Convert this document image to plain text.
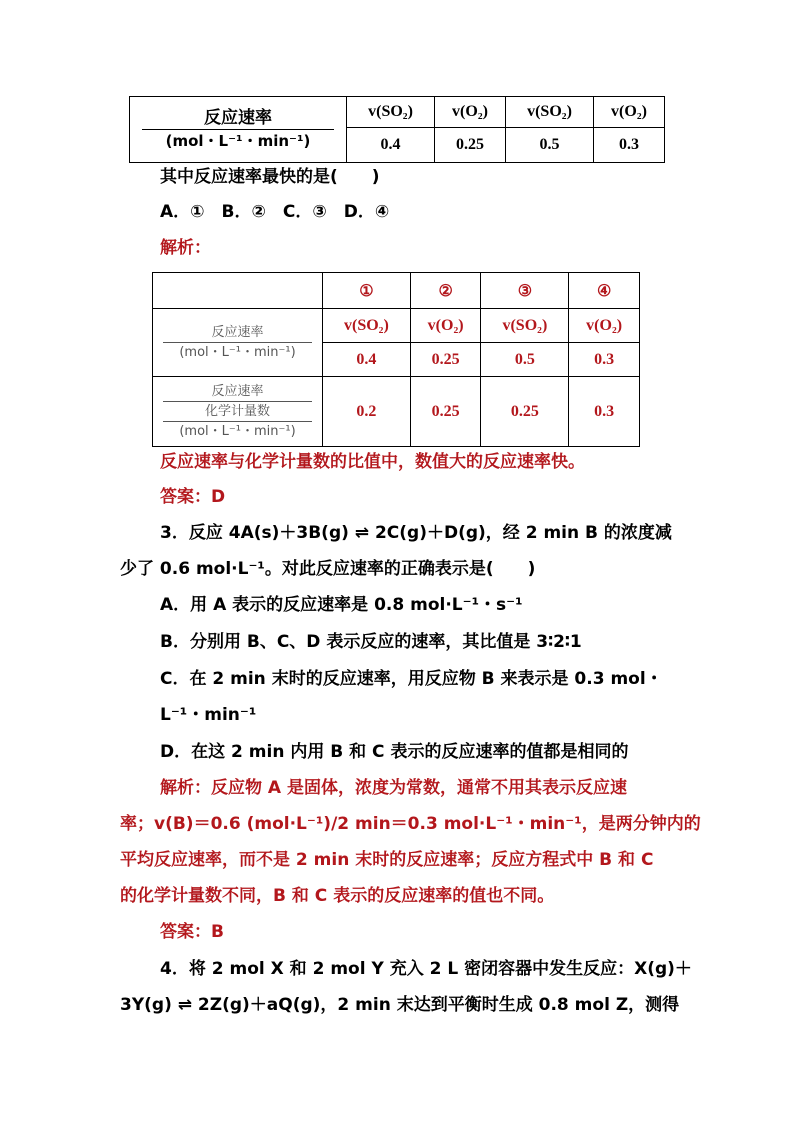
反应速率
(mol・L⁻¹・min⁻¹)	v(SO₂)	v(O₂)	v(SO₂)	v(O₂)
	0.4	0.25	0.5	0.3
其中反应速率最快的是(　　)
A．①　B．②　C．③　D．④
解析：
	①	②	③	④

反应速率
(mol・L⁻¹・min⁻¹)	v(SO₂)	v(O₂)	v(SO₂)	v(O₂)
	0.4	0.25	0.5	0.3

反应速率
化学计量数
(mol・L⁻¹・min⁻¹)	0.2	0.25	0.25	0.3
反应速率与化学计量数的比值中，数值大的反应速率快。
答案：D
3．反应 4A(s)＋3B(g) ⇌ 2C(g)＋D(g)，经 2 min B 的浓度减
少了 0.6 mol·L⁻¹。对此反应速率的正确表示是(　　)
A．用 A 表示的反应速率是 0.8 mol·L⁻¹・s⁻¹
B．分别用 B、C、D 表示反应的速率，其比值是 3∶2∶1
C．在 2 min 末时的反应速率，用反应物 B 来表示是 0.3 mol・
L⁻¹・min⁻¹
D．在这 2 min 内用 B 和 C 表示的反应速率的值都是相同的
解析：反应物 A 是固体，浓度为常数，通常不用其表示反应速
率；v(B)＝0.6 (mol·L⁻¹)/2 min＝0.3 mol·L⁻¹・min⁻¹，是两分钟内的
平均反应速率，而不是 2 min 末时的反应速率；反应方程式中 B 和 C
的化学计量数不同，B 和 C 表示的反应速率的值也不同。
答案：B
4．将 2 mol X 和 2 mol Y 充入 2 L 密闭容器中发生反应：X(g)＋
3Y(g) ⇌ 2Z(g)＋aQ(g)，2 min 末达到平衡时生成 0.8 mol Z，测得
